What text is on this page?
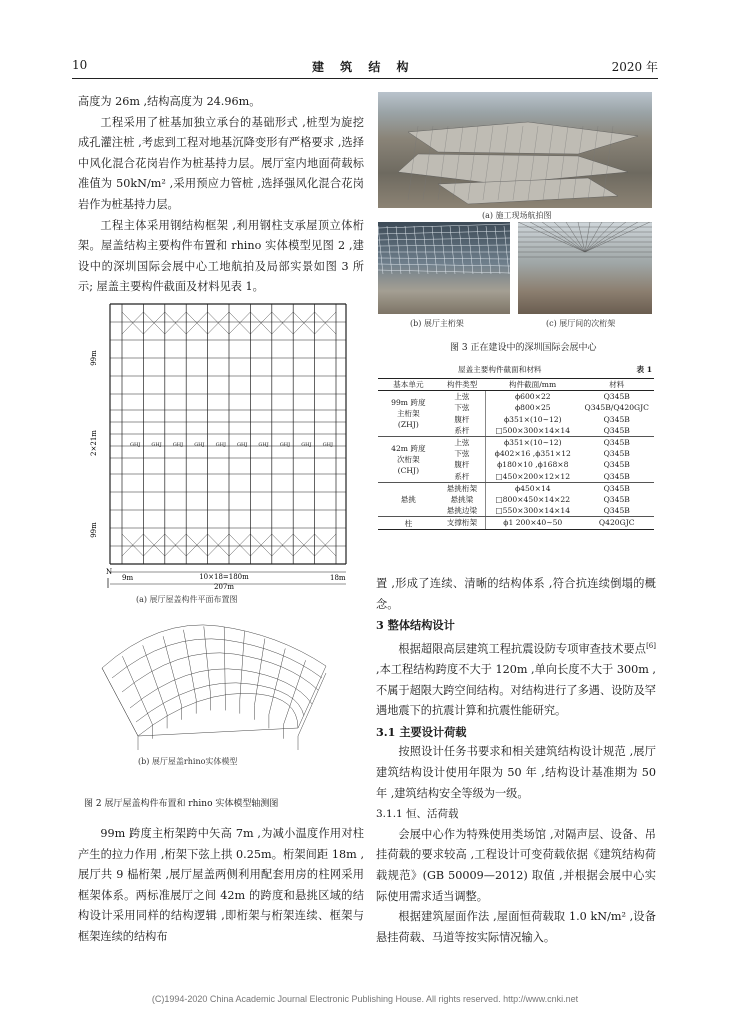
10	建 筑 结 构	2020 年

高度为 26m ,结构高度为 24.96m。

工程采用了桩基加独立承台的基础形式 ,桩型为旋挖成孔灌注桩 ,考虑到工程对地基沉降变形有严格要求 ,选择中风化混合花岗岩作为桩基持力层。展厅室内地面荷载标准值为 50kN/m² ,采用预应力管桩 ,选择强风化混合花岗岩作为桩基持力层。

工程主体采用钢结构框架 ,利用钢柱支承屋顶立体桁架。屋盖结构主要构件布置和 rhino 实体模型见图 2 ,建设中的深圳国际会展中心工地航拍及局部实景如图 3 所示; 屋盖主要构件截面及材料见表 1。

GHJ GHJ GHJ GHJ GHJ GHJ GHJ GHJ GHJ GHJ
99m
2×21m
99m
10×18=180m
207m
9m	18m
N
(a) 展厅屋盖构件平面布置图
(b) 展厅屋盖rhino实体模型
图 2 展厅屋盖构件布置和 rhino 实体模型轴测图

99m 跨度主桁架跨中矢高 7m ,为减小温度作用对柱产生的拉力作用 ,桁架下弦上拱 0.25m。桁架间距 18m ,展厅共 9 榀桁架 ,展厅屋盖两侧利用配套用房的柱网采用框架体系。两标准展厅之间 42m 的跨度和悬挑区域的结构设计采用同样的结构逻辑 ,即桁架与桁架连续、框架与框架连续的结构布

(a) 施工现场航拍图
(b) 展厅主桁架	(c) 展厅间的次桁架
图 3 正在建设中的深圳国际会展中心
屋盖主要构件截面和材料	表 1
基本单元	构件类型	构件截面/mm	材料
99m 跨度
主桁架
(ZHJ)	上弦	ϕ600×22	Q345B
	下弦	ϕ800×25	Q345B/Q420GJC
	腹杆	ϕ351×(10~12)	Q345B
	系杆	□500×300×14×14	Q345B
42m 跨度
次桁架
(CHJ)	上弦	ϕ351×(10~12)	Q345B
	下弦	ϕ402×16 ,ϕ351×12	Q345B
	腹杆	ϕ180×10 ,ϕ168×8	Q345B
	系杆	□450×200×12×12	Q345B
悬挑	悬挑桁架	ϕ450×14	Q345B
	悬挑梁	□800×450×14×22	Q345B
	悬挑边梁	□550×300×14×14	Q345B
柱	支撑桁架	ϕ1 200×40~50	Q420GJC

置 ,形成了连续、清晰的结构体系 ,符合抗连续倒塌的概念。

3 整体结构设计

根据超限高层建筑工程抗震设防专项审查技术要点[6] ,本工程结构跨度不大于 120m ,单向长度不大于 300m ,不属于超限大跨空间结构。对结构进行了多遇、设防及罕遇地震下的抗震计算和抗震性能研究。

3.1 主要设计荷载

按照设计任务书要求和相关建筑结构设计规范 ,展厅建筑结构设计使用年限为 50 年 ,结构设计基准期为 50 年 ,建筑结构安全等级为一级。

3.1.1 恒、活荷载

会展中心作为特殊使用类场馆 ,对隔声层、设备、吊挂荷载的要求较高 ,工程设计可变荷载依据《建筑结构荷载规范》(GB 50009—2012) 取值 ,并根据会展中心实际使用需求适当调整。

根据建筑屋面作法 ,屋面恒荷载取 1.0 kN/m² ,设备悬挂荷载、马道等按实际情况输入。

(C)1994-2020 China Academic Journal Electronic Publishing House. All rights reserved. http://www.cnki.net
